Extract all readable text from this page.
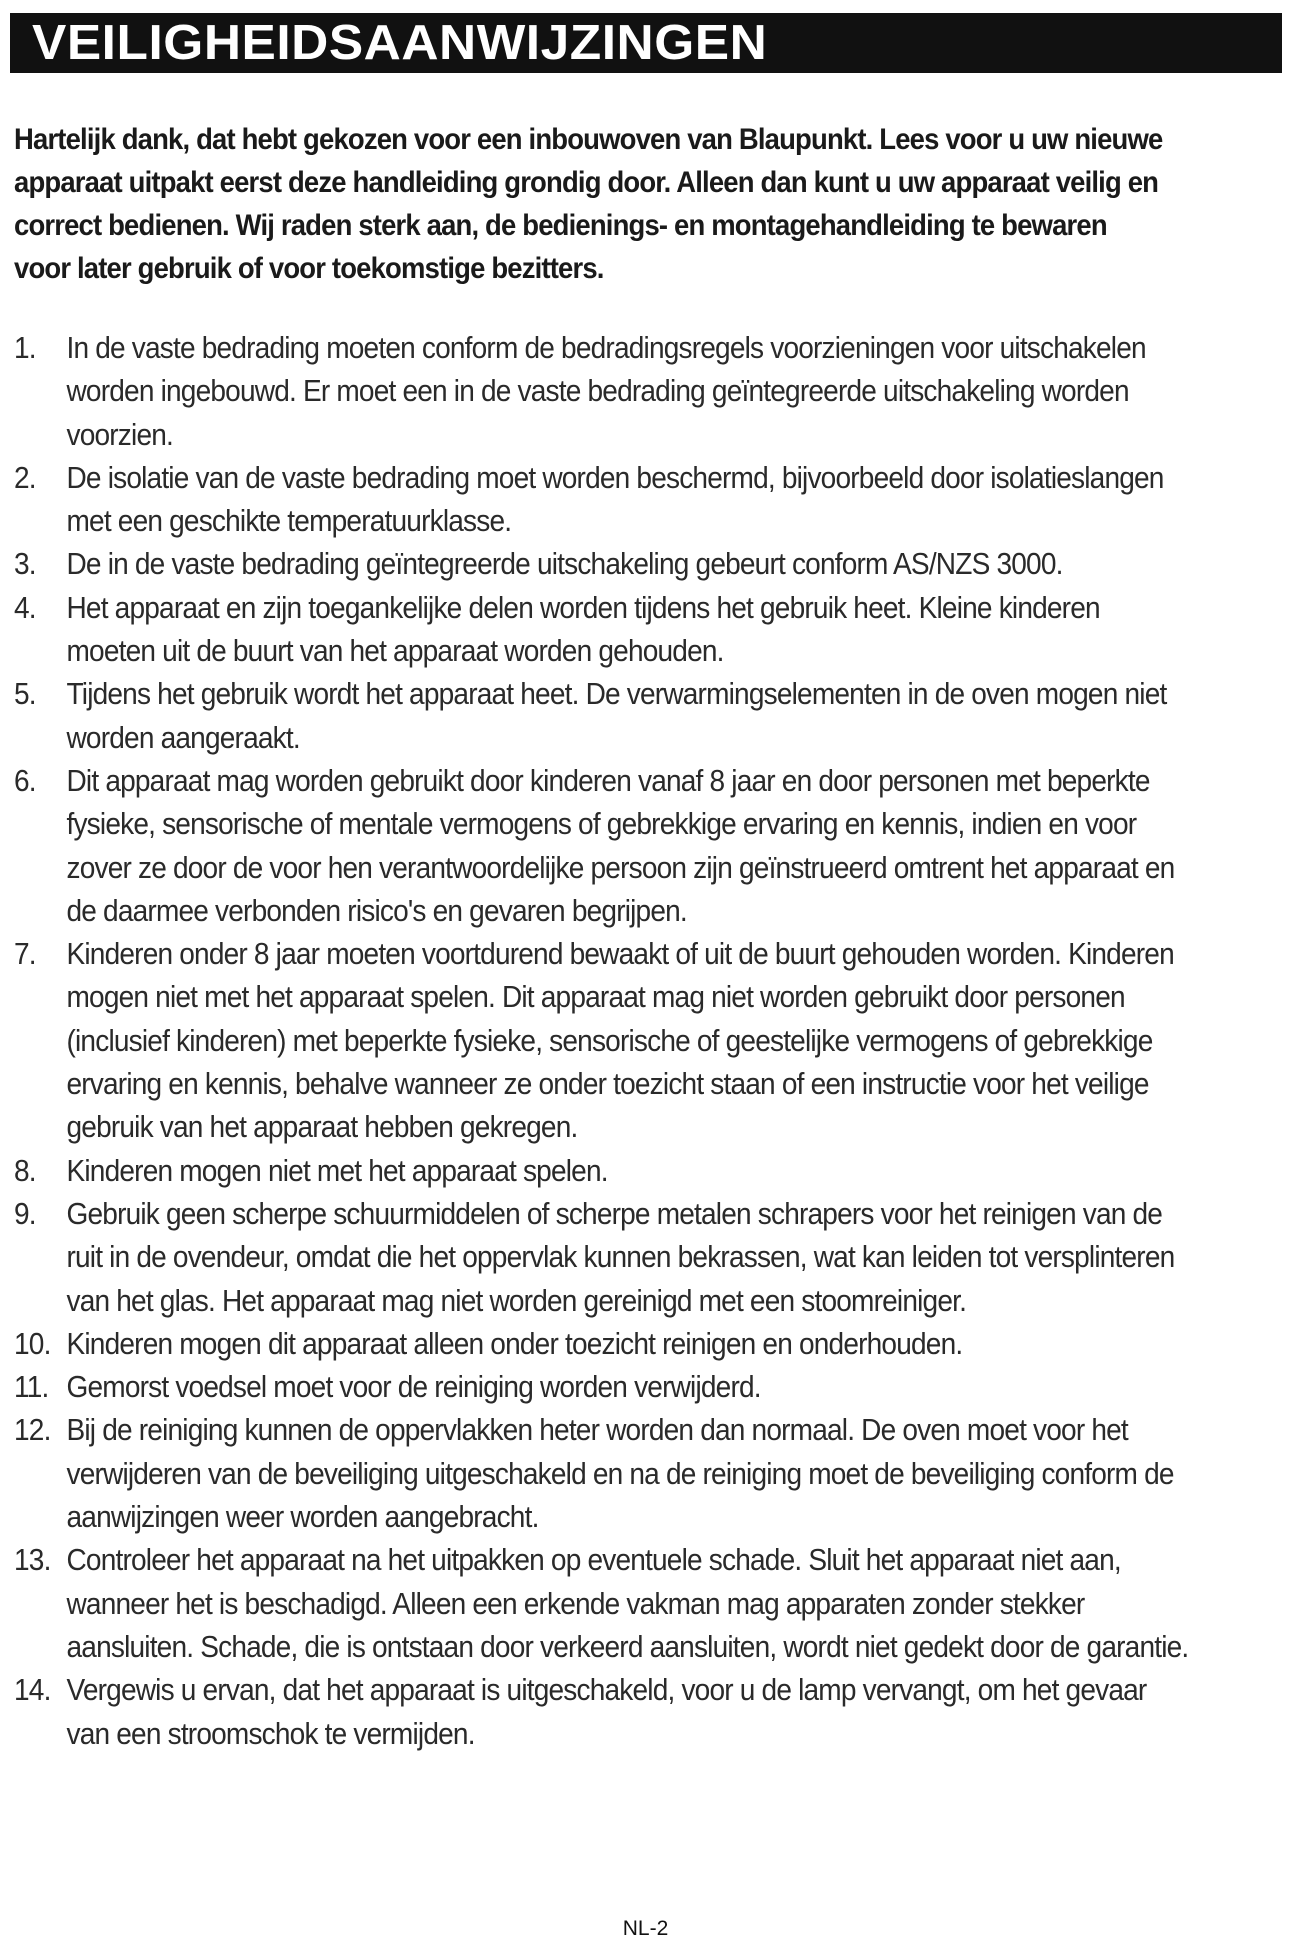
VEILIGHEIDSAANWIJZINGEN

Hartelijk dank, dat hebt gekozen voor een inbouwoven van Blaupunkt. Lees voor u uw nieuwe apparaat uitpakt eerst deze handleiding grondig door. Alleen dan kunt u uw apparaat veilig en correct bedienen. Wij raden sterk aan, de bedienings- en montagehandleiding te bewaren voor later gebruik of voor toekomstige bezitters.

1. In de vaste bedrading moeten conform de bedradingsregels voorzieningen voor uitschakelen worden ingebouwd. Er moet een in de vaste bedrading geïntegreerde uitschakeling worden voorzien.
2. De isolatie van de vaste bedrading moet worden beschermd, bijvoorbeeld door isolatieslangen met een geschikte temperatuurklasse.
3. De in de vaste bedrading geïntegreerde uitschakeling gebeurt conform AS/NZS 3000.
4. Het apparaat en zijn toegankelijke delen worden tijdens het gebruik heet. Kleine kinderen moeten uit de buurt van het apparaat worden gehouden.
5. Tijdens het gebruik wordt het apparaat heet. De verwarmingselementen in de oven mogen niet worden aangeraakt.
6. Dit apparaat mag worden gebruikt door kinderen vanaf 8 jaar en door personen met beperkte fysieke, sensorische of mentale vermogens of gebrekkige ervaring en kennis, indien en voor zover ze door de voor hen verantwoordelijke persoon zijn geïnstrueerd omtrent het apparaat en de daarmee verbonden risico's en gevaren begrijpen.
7. Kinderen onder 8 jaar moeten voortdurend bewaakt of uit de buurt gehouden worden. Kinderen mogen niet met het apparaat spelen. Dit apparaat mag niet worden gebruikt door personen (inclusief kinderen) met beperkte fysieke, sensorische of geestelijke vermogens of gebrekkige ervaring en kennis, behalve wanneer ze onder toezicht staan of een instructie voor het veilige gebruik van het apparaat hebben gekregen.
8. Kinderen mogen niet met het apparaat spelen.
9. Gebruik geen scherpe schuurmiddelen of scherpe metalen schrapers voor het reinigen van de ruit in de ovendeur, omdat die het oppervlak kunnen bekrassen, wat kan leiden tot versplinteren van het glas. Het apparaat mag niet worden gereinigd met een stoomreiniger.
10. Kinderen mogen dit apparaat alleen onder toezicht reinigen en onderhouden.
11. Gemorst voedsel moet voor de reiniging worden verwijderd.
12. Bij de reiniging kunnen de oppervlakken heter worden dan normaal. De oven moet voor het verwijderen van de beveiliging uitgeschakeld en na de reiniging moet de beveiliging conform de aanwijzingen weer worden aangebracht.
13. Controleer het apparaat na het uitpakken op eventuele schade. Sluit het apparaat niet aan, wanneer het is beschadigd. Alleen een erkende vakman mag apparaten zonder stekker aansluiten. Schade, die is ontstaan door verkeerd aansluiten, wordt niet gedekt door de garantie.
14. Vergewis u ervan, dat het apparaat is uitgeschakeld, voor u de lamp vervangt, om het gevaar van een stroomschok te vermijden.
NL-2
